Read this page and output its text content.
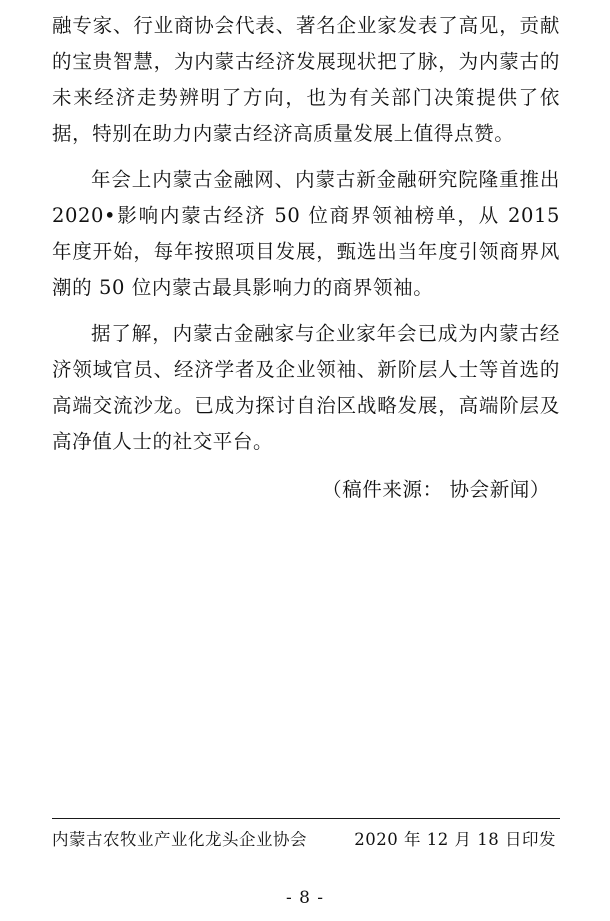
融专家、行业商协会代表、著名企业家发表了高见，贡献的宝贵智慧，为内蒙古经济发展现状把了脉，为内蒙古的未来经济走势辨明了方向，也为有关部门决策提供了依据，特别在助力内蒙古经济高质量发展上值得点赞。

年会上内蒙古金融网、内蒙古新金融研究院隆重推出 2020•影响内蒙古经济 50 位商界领袖榜单，从 2015 年度开始，每年按照项目发展，甄选出当年度引领商界风潮的 50 位内蒙古最具影响力的商界领袖。

据了解，内蒙古金融家与企业家年会已成为内蒙古经济领域官员、经济学者及企业领袖、新阶层人士等首选的高端交流沙龙。已成为探讨自治区战略发展，高端阶层及高净值人士的社交平台。

（稿件来源： 协会新闻）
内蒙古农牧业产业化龙头企业协会	2020 年 12 月 18 日印发
- 8 -
